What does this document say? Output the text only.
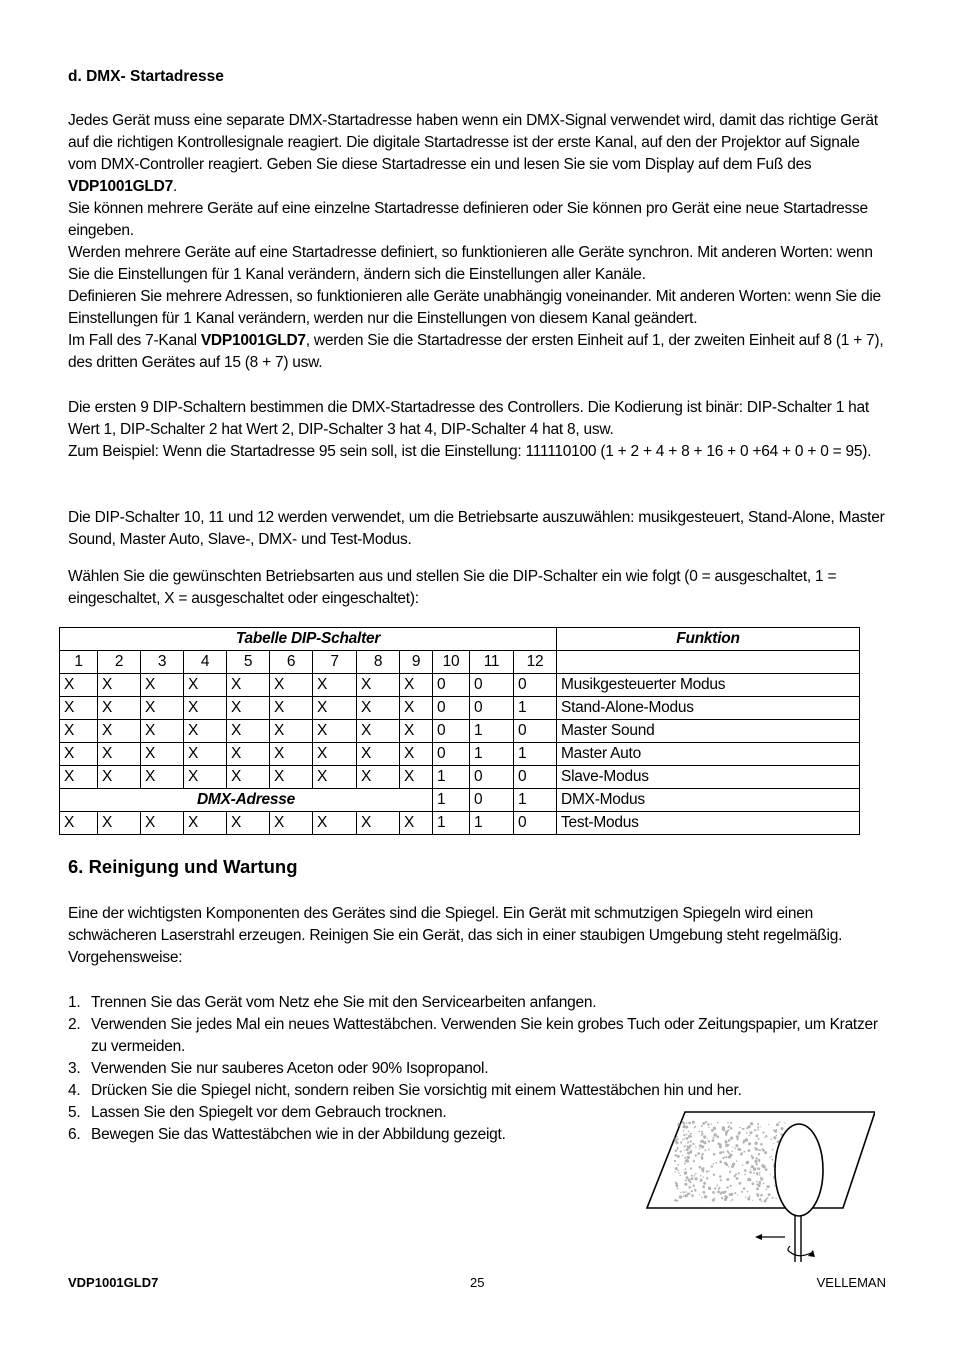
d. DMX- Startadresse

Jedes Gerät muss eine separate DMX-Startadresse haben wenn ein DMX-Signal verwendet wird, damit das richtige Gerät auf die richtigen Kontrollesignale reagiert. Die digitale Startadresse ist der erste Kanal, auf den der Projektor auf Signale vom DMX-Controller reagiert. Geben Sie diese Startadresse ein und lesen Sie sie vom Display auf dem Fuß des VDP1001GLD7.

Sie können mehrere Geräte auf eine einzelne Startadresse definieren oder Sie können pro Gerät eine neue Startadresse eingeben.

Werden mehrere Geräte auf eine Startadresse definiert, so funktionieren alle Geräte synchron. Mit anderen Worten: wenn Sie die Einstellungen für 1 Kanal verändern, ändern sich die Einstellungen aller Kanäle.

Definieren Sie mehrere Adressen, so funktionieren alle Geräte unabhängig voneinander. Mit anderen Worten: wenn Sie die Einstellungen für 1 Kanal verändern, werden nur die Einstellungen von diesem Kanal geändert.

Im Fall des 7-Kanal VDP1001GLD7, werden Sie die Startadresse der ersten Einheit auf 1, der zweiten Einheit auf 8 (1 + 7), des dritten Gerätes auf 15 (8 + 7) usw.

Die ersten 9 DIP-Schaltern bestimmen die DMX-Startadresse des Controllers. Die Kodierung ist binär: DIP-Schalter 1 hat Wert 1, DIP-Schalter 2 hat Wert 2, DIP-Schalter 3 hat 4, DIP-Schalter 4 hat 8, usw.

Zum Beispiel: Wenn die Startadresse 95 sein soll, ist die Einstellung: 111110100 (1 + 2 + 4 + 8 + 16 + 0 +64 + 0 + 0 = 95).

Die DIP-Schalter 10, 11 und 12 werden verwendet, um die Betriebsarte auszuwählen: musikgesteuert, Stand-Alone, Master Sound, Master Auto, Slave-, DMX- und Test-Modus.

Wählen Sie die gewünschten Betriebsarten aus und stellen Sie die DIP-Schalter ein wie folgt (0 = ausgeschaltet, 1 = eingeschaltet, X = ausgeschaltet oder eingeschaltet):

Tabelle DIP-Schalter												Funktion
1	2	3	4	5	6	7	8	9	10	11	12	
X	X	X	X	X	X	X	X	X	0	0	0	Musikgesteuerter Modus
X	X	X	X	X	X	X	X	X	0	0	1	Stand-Alone-Modus
X	X	X	X	X	X	X	X	X	0	1	0	Master Sound
X	X	X	X	X	X	X	X	X	0	1	1	Master Auto
X	X	X	X	X	X	X	X	X	1	0	0	Slave-Modus
DMX-Adresse									1	0	1	DMX-Modus
X	X	X	X	X	X	X	X	X	1	1	0	Test-Modus
6. Reinigung und Wartung

Eine der wichtigsten Komponenten des Gerätes sind die Spiegel. Ein Gerät mit schmutzigen Spiegeln wird einen schwächeren Laserstrahl erzeugen. Reinigen Sie ein Gerät, das sich in einer staubigen Umgebung steht regelmäßig.

Vorgehensweise:

1. Trennen Sie das Gerät vom Netz ehe Sie mit den Servicearbeiten anfangen.
2. Verwenden Sie jedes Mal ein neues Wattestäbchen. Verwenden Sie kein grobes Tuch oder Zeitungspapier, um Kratzer zu vermeiden.
3. Verwenden Sie nur sauberes Aceton oder 90% Isopropanol.
4. Drücken Sie die Spiegel nicht, sondern reiben Sie vorsichtig mit einem Wattestäbchen hin und her.
5. Lassen Sie den Spiegelt vor dem Gebrauch trocknen.
6. Bewegen Sie das Wattestäbchen wie in der Abbildung gezeigt.
VDP1001GLD7	25	VELLEMAN
